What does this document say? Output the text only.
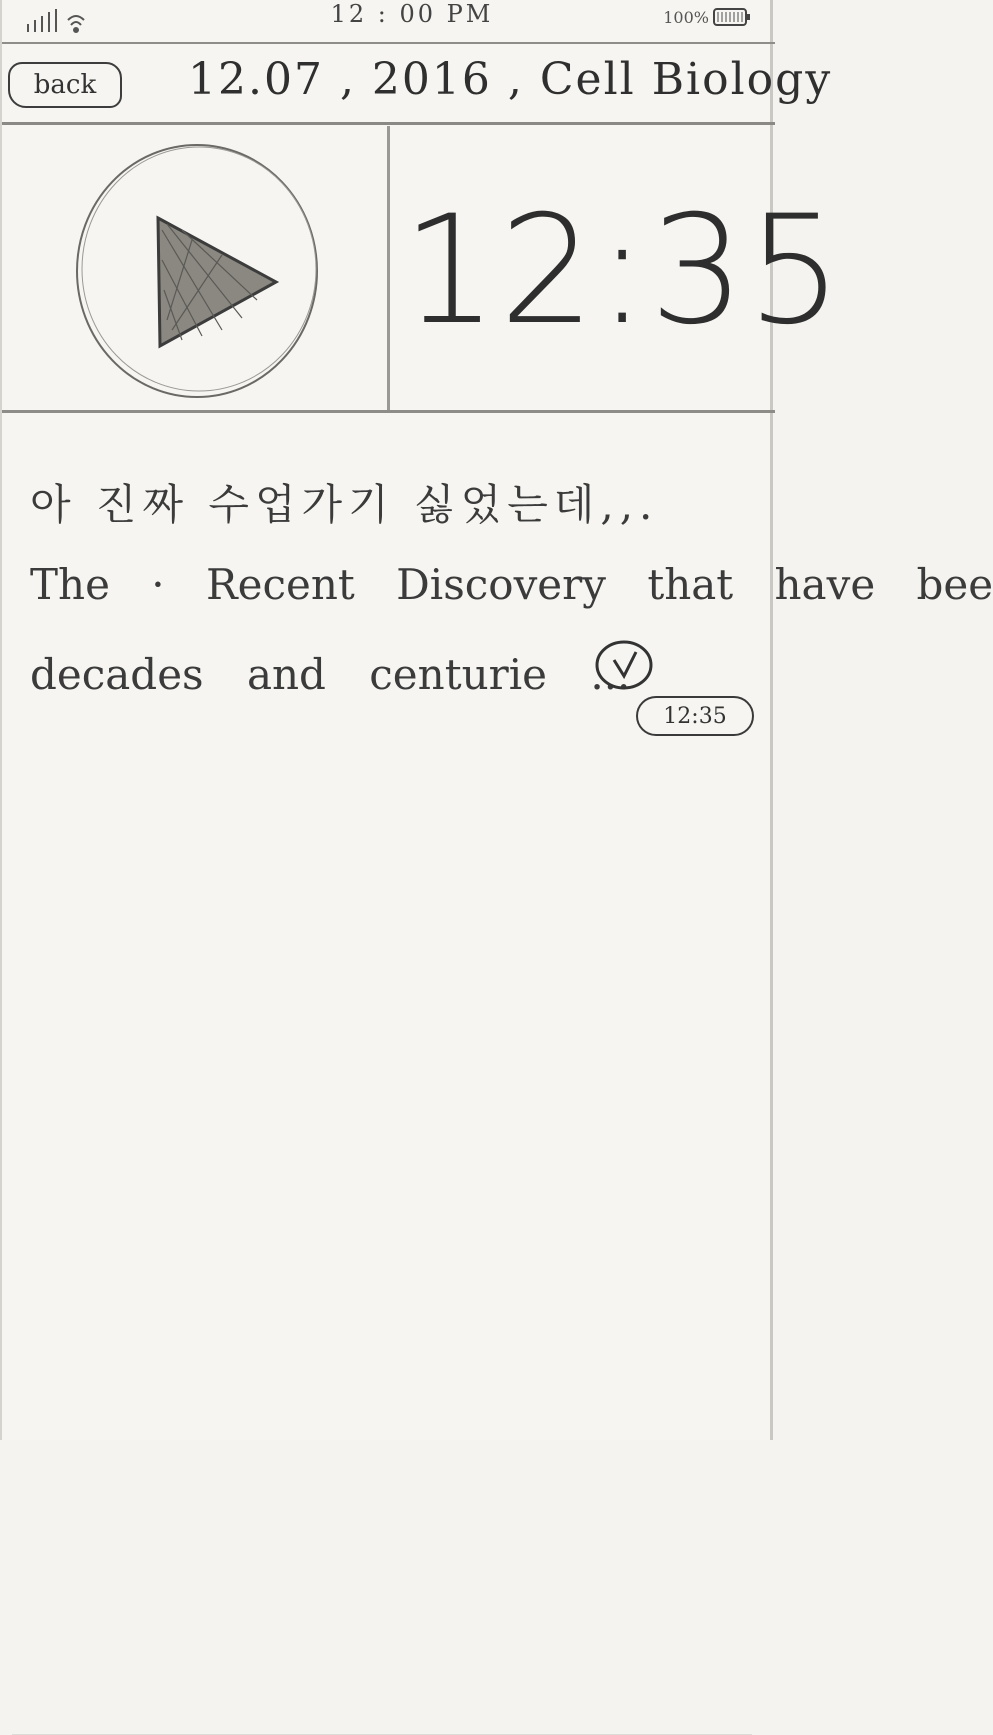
12 : 00 PM	100%
back	12.07 , 2016 , Cell Biology
12:35
아 진짜 수업가기 싫었는데,,.
The · Recent Discovery that have bee
decades and centurie ...
12:35
